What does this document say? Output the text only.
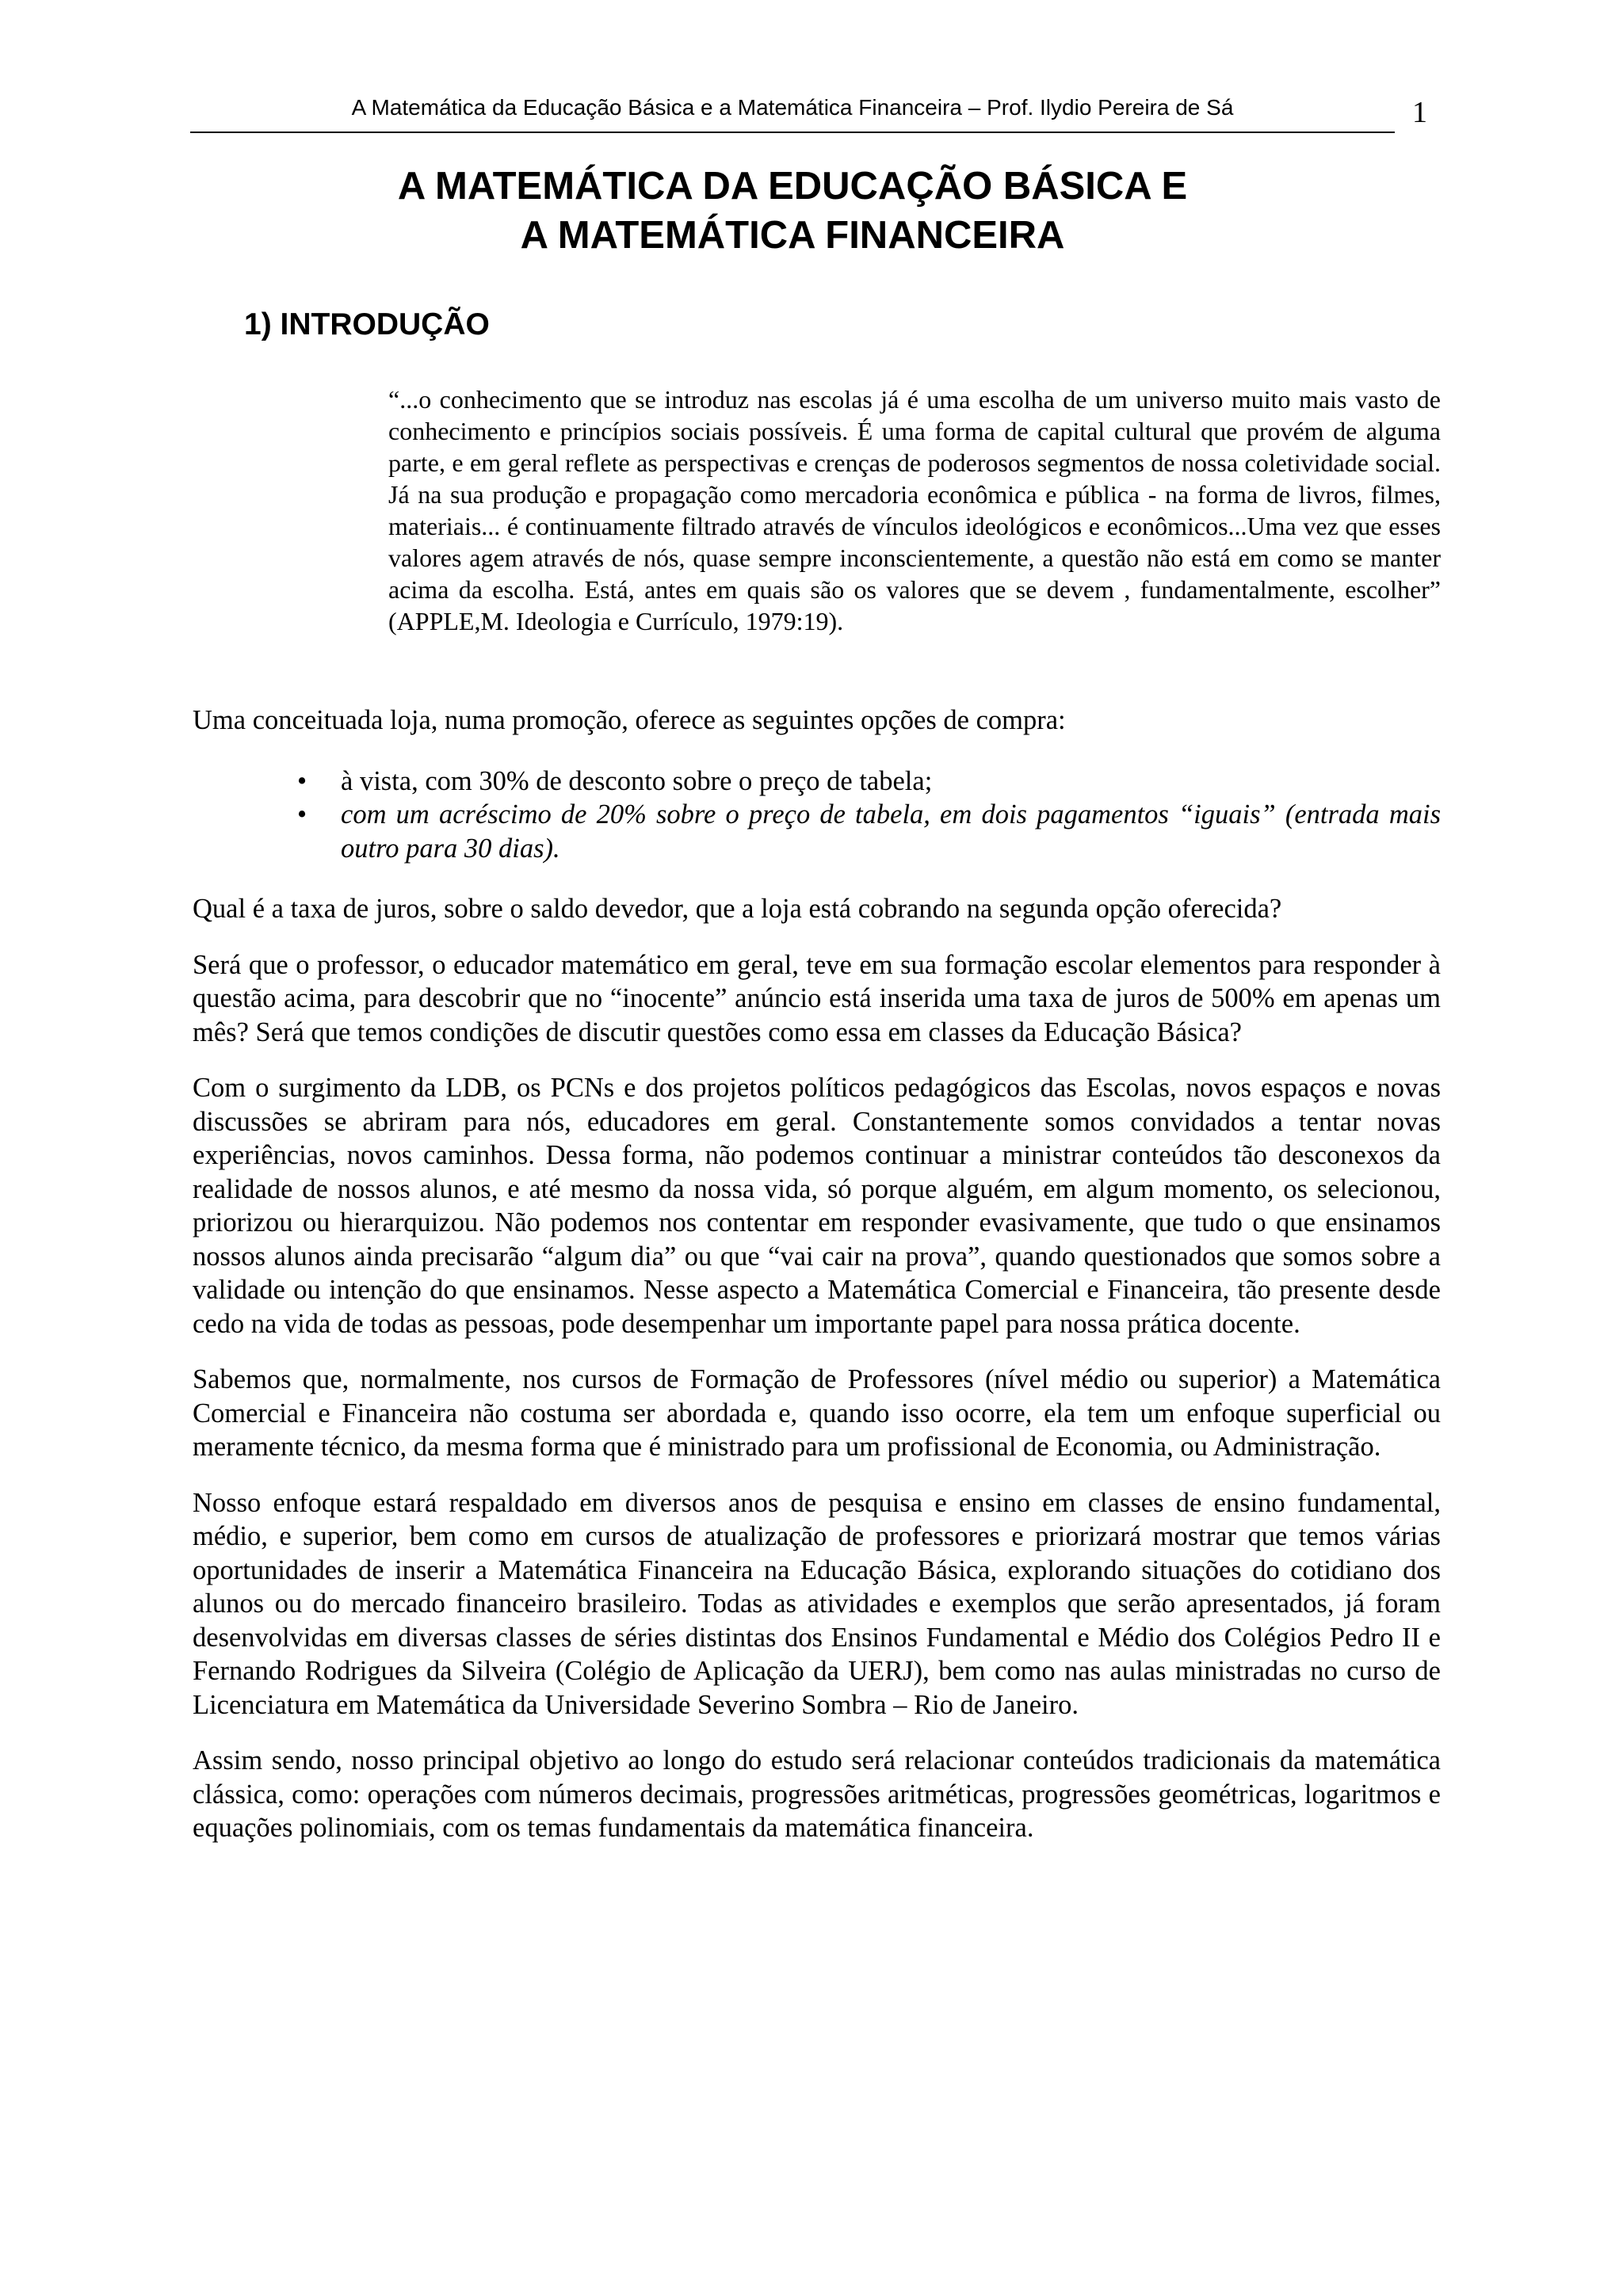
A Matemática da Educação Básica e a Matemática Financeira – Prof. Ilydio Pereira de Sá	1
A MATEMÁTICA DA EDUCAÇÃO BÁSICA E
A MATEMÁTICA FINANCEIRA
1) INTRODUÇÃO

“...o conhecimento que se introduz nas escolas já é uma escolha de um universo muito mais vasto de conhecimento e princípios sociais possíveis. É uma forma de capital cultural que provém de alguma parte, e em geral reflete as perspectivas e crenças de poderosos segmentos de nossa coletividade social. Já na sua produção e propagação como mercadoria econômica e pública - na forma de livros, filmes, materiais... é continuamente filtrado através de vínculos ideológicos e econômicos...Uma vez que esses valores agem através de nós, quase sempre inconscientemente, a questão não está em como se manter acima da escolha. Está, antes em quais são os valores que se devem , fundamentalmente, escolher” (APPLE,M. Ideologia e Currículo, 1979:19).

Uma conceituada loja, numa promoção, oferece as seguintes opções de compra:

• à vista, com 30% de desconto sobre o preço de tabela;
• com um acréscimo de 20% sobre o preço de tabela, em dois pagamentos “iguais” (entrada mais outro para 30 dias).

Qual é a taxa de juros, sobre o saldo devedor, que a loja está cobrando na segunda opção oferecida?

Será que o professor, o educador matemático em geral, teve em sua formação escolar elementos para responder à questão acima, para descobrir que no “inocente” anúncio está inserida uma taxa de juros de 500% em apenas um mês? Será que temos condições de discutir questões como essa em classes da Educação Básica?

Com o surgimento da LDB, os PCNs e dos projetos políticos pedagógicos das Escolas, novos espaços e novas discussões se abriram para nós, educadores em geral. Constantemente somos convidados a tentar novas experiências, novos caminhos. Dessa forma, não podemos continuar a ministrar conteúdos tão desconexos da realidade de nossos alunos, e até mesmo da nossa vida, só porque alguém, em algum momento, os selecionou, priorizou ou hierarquizou. Não podemos nos contentar em responder evasivamente, que tudo o que ensinamos nossos alunos ainda precisarão “algum dia” ou que “vai cair na prova”, quando questionados que somos sobre a validade ou intenção do que ensinamos. Nesse aspecto a Matemática Comercial e Financeira, tão presente desde cedo na vida de todas as pessoas, pode desempenhar um importante papel para nossa prática docente.

Sabemos que, normalmente, nos cursos de Formação de Professores (nível médio ou superior) a Matemática Comercial e Financeira não costuma ser abordada e, quando isso ocorre, ela tem um enfoque superficial ou meramente técnico, da mesma forma que é ministrado para um profissional de Economia, ou Administração.

Nosso enfoque estará respaldado em diversos anos de pesquisa e ensino em classes de ensino fundamental, médio, e superior, bem como em cursos de atualização de professores e priorizará mostrar que temos várias oportunidades de inserir a Matemática Financeira na Educação Básica, explorando situações do cotidiano dos alunos ou do mercado financeiro brasileiro. Todas as atividades e exemplos que serão apresentados, já foram desenvolvidas em diversas classes de séries distintas dos Ensinos Fundamental e Médio dos Colégios Pedro II e Fernando Rodrigues da Silveira (Colégio de Aplicação da UERJ), bem como nas aulas ministradas no curso de Licenciatura em Matemática da Universidade Severino Sombra – Rio de Janeiro.

Assim sendo, nosso principal objetivo ao longo do estudo será relacionar conteúdos tradicionais da matemática clássica, como: operações com números decimais, progressões aritméticas, progressões geométricas, logaritmos e equações polinomiais, com os temas fundamentais da matemática financeira.
